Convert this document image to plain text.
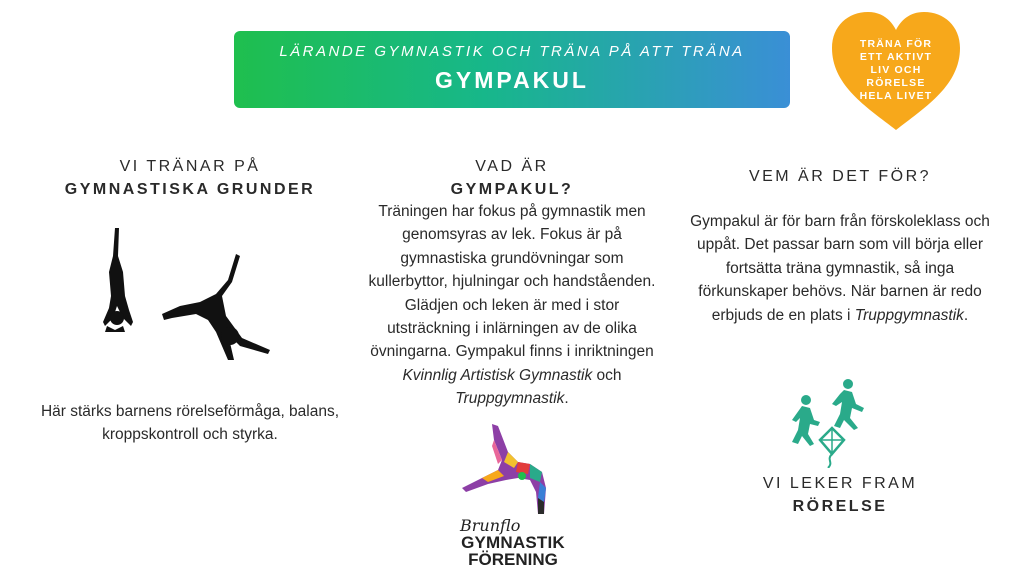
LÄRANDE GYMNASTIK OCH TRÄNA PÅ ATT TRÄNA
GYMPAKUL
TRÄNA FÖR ETT AKTIVT LIV OCH RÖRELSE HELA LIVET
VI TRÄNAR PÅ
GYMNASTISKA GRUNDER
Här stärks barnens rörelseförmåga, balans, kroppskontroll och styrka.
VAD ÄR
GYMPAKUL?
Träningen har fokus på gymnastik men genomsyras av lek. Fokus är på gymnastiska grundövningar som kullerbyttor, hjulningar och handståenden. Glädjen och leken är med i stor utsträckning i inlärningen av de olika övningarna. Gympakul finns i inriktningen Kvinnlig Artistisk Gymnastik och Truppgymnastik.
Brunflo
GYMNASTIK
FÖRENING
VEM ÄR DET FÖR?
Gympakul är för barn från förskoleklass och uppåt. Det passar barn som vill börja eller fortsätta träna gymnastik, så inga förkunskaper behövs. När barnen är redo erbjuds de en plats i Truppgymnastik.
VI LEKER FRAM
RÖRELSE
